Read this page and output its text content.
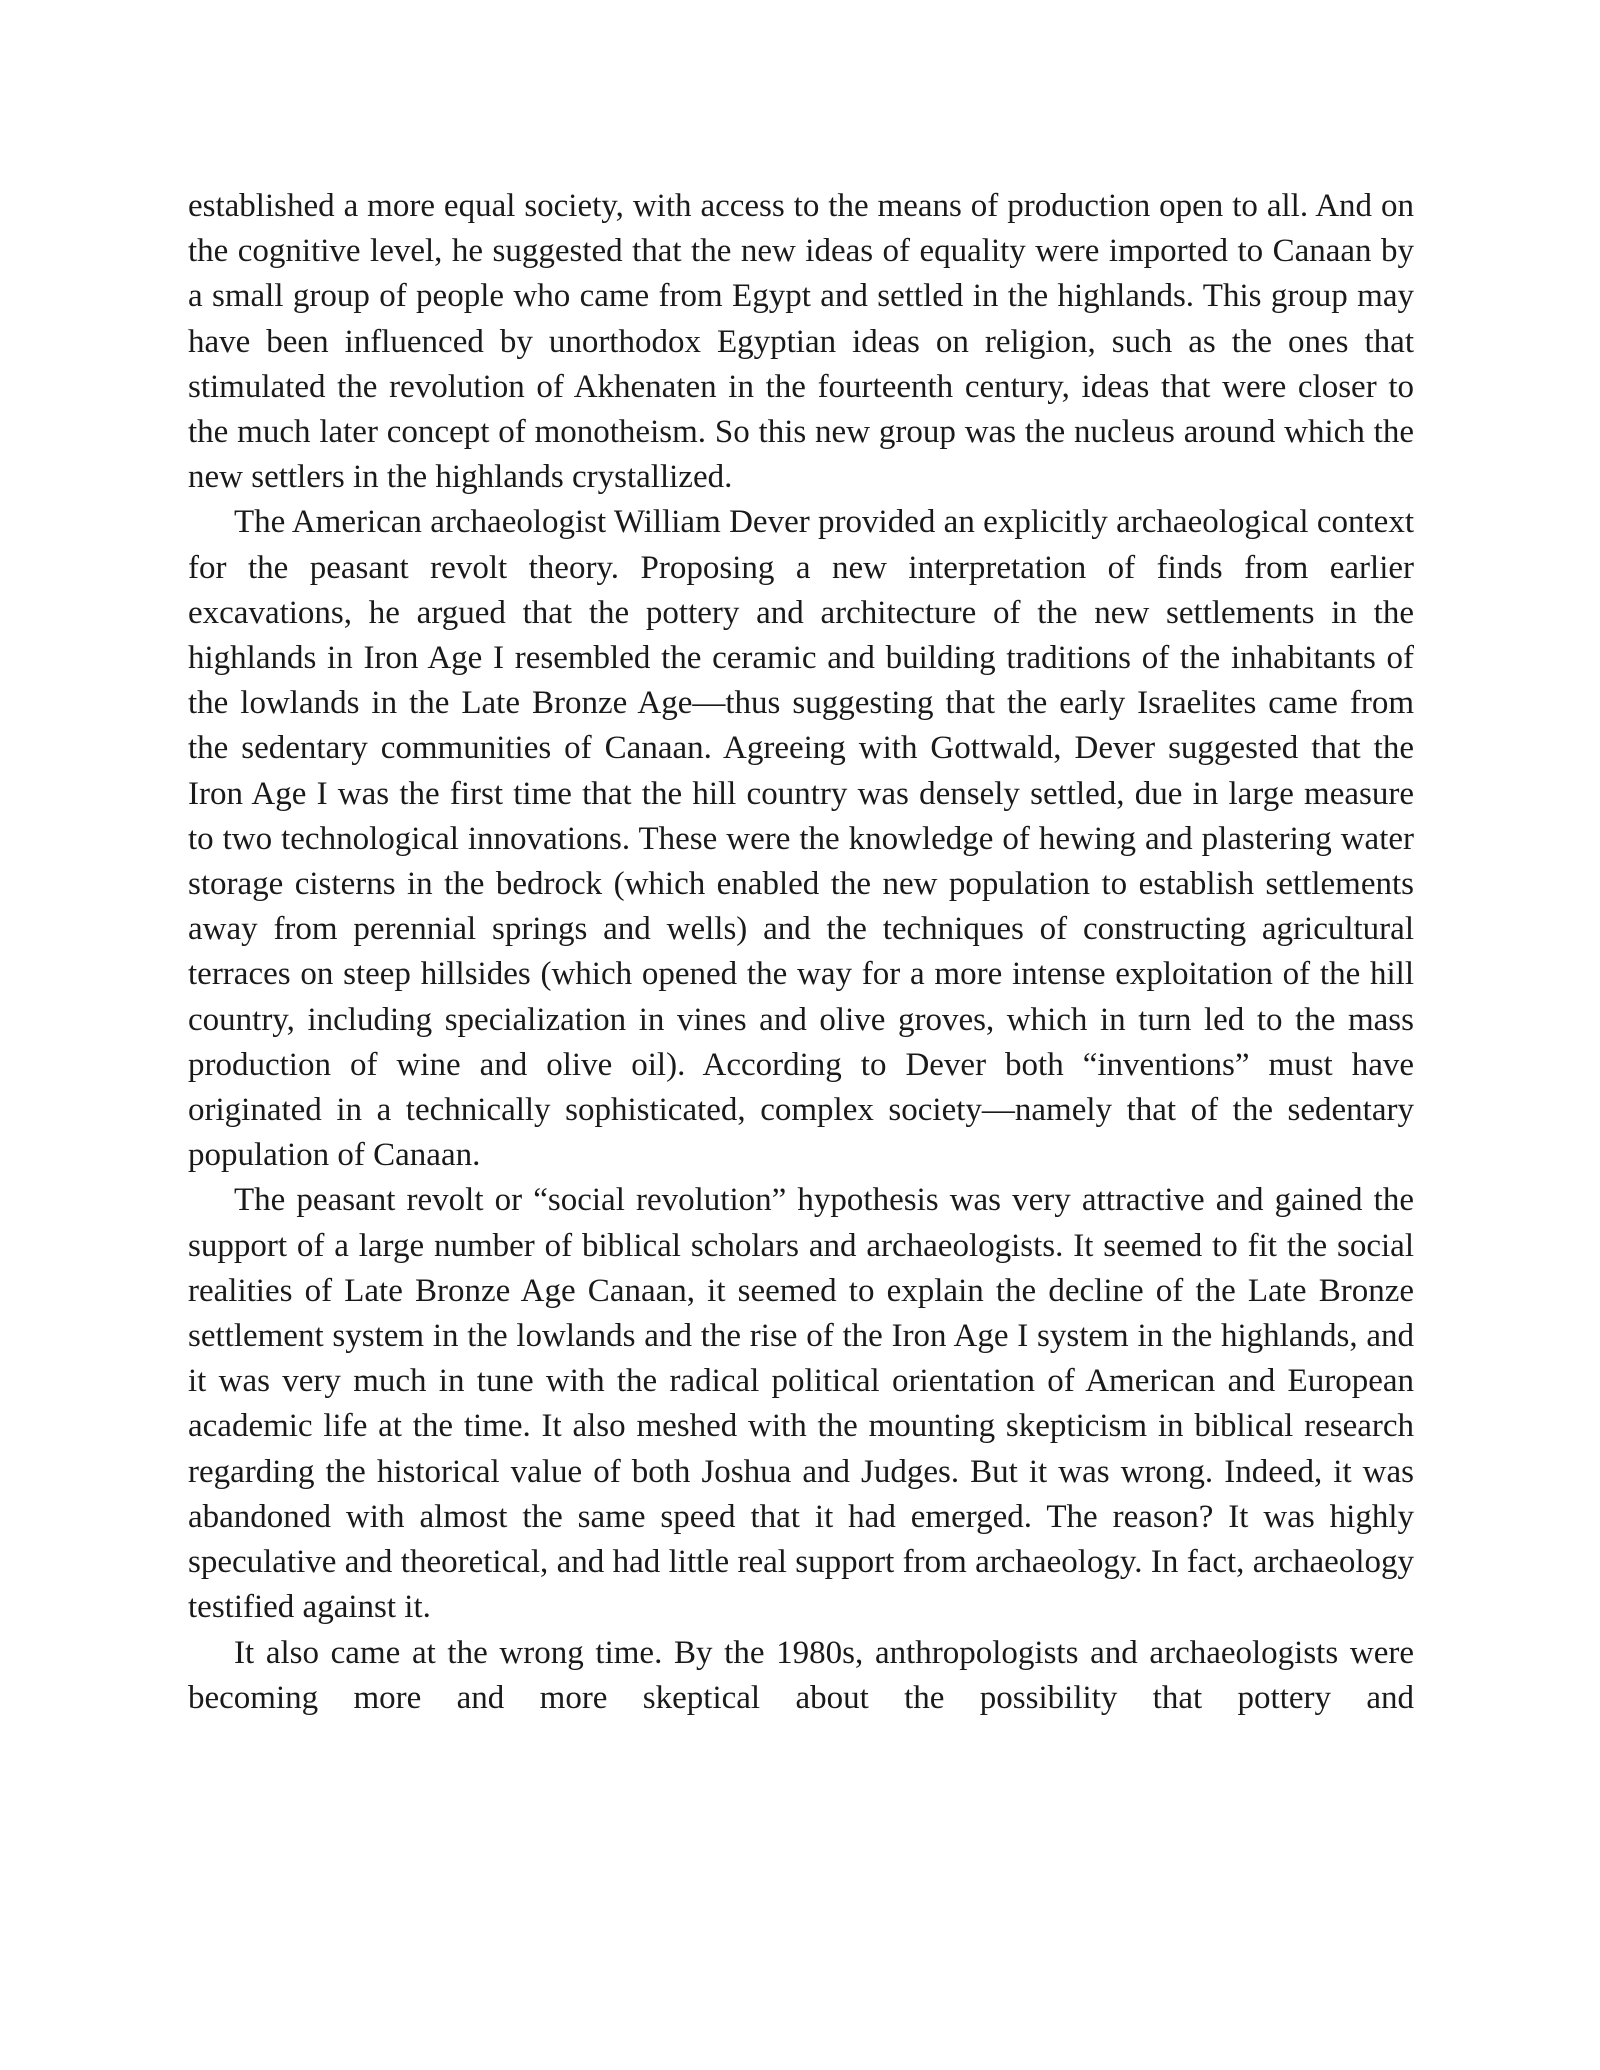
established a more equal society, with access to the means of production open to all. And on the cognitive level, he suggested that the new ideas of equality were imported to Canaan by a small group of people who came from Egypt and settled in the highlands. This group may have been influenced by unorthodox Egyptian ideas on religion, such as the ones that stimulated the revolution of Akhenaten in the fourteenth century, ideas that were closer to the much later concept of monotheism. So this new group was the nucleus around which the new settlers in the highlands crystallized.

The American archaeologist William Dever provided an explicitly archaeological context for the peasant revolt theory. Proposing a new interpretation of finds from earlier excavations, he argued that the pottery and architecture of the new settlements in the highlands in Iron Age I resembled the ceramic and building traditions of the inhabitants of the lowlands in the Late Bronze Age—thus suggesting that the early Israelites came from the sedentary communities of Canaan. Agreeing with Gottwald, Dever suggested that the Iron Age I was the first time that the hill country was densely settled, due in large measure to two technological innovations. These were the knowledge of hewing and plastering water storage cisterns in the bedrock (which enabled the new population to establish settlements away from perennial springs and wells) and the techniques of constructing agricultural terraces on steep hillsides (which opened the way for a more intense exploitation of the hill country, including specialization in vines and olive groves, which in turn led to the mass production of wine and olive oil). According to Dever both “inventions” must have originated in a technically sophisticated, complex society—namely that of the sedentary population of Canaan.

The peasant revolt or “social revolution” hypothesis was very attractive and gained the support of a large number of biblical scholars and archaeologists. It seemed to fit the social realities of Late Bronze Age Canaan, it seemed to explain the decline of the Late Bronze settlement system in the lowlands and the rise of the Iron Age I system in the highlands, and it was very much in tune with the radical political orientation of American and European academic life at the time. It also meshed with the mounting skepticism in biblical research regarding the historical value of both Joshua and Judges. But it was wrong. Indeed, it was abandoned with almost the same speed that it had emerged. The reason? It was highly speculative and theoretical, and had little real support from archaeology. In fact, archaeology testified against it.

It also came at the wrong time. By the 1980s, anthropologists and archaeologists were becoming more and more skeptical about the possibility that pottery and
